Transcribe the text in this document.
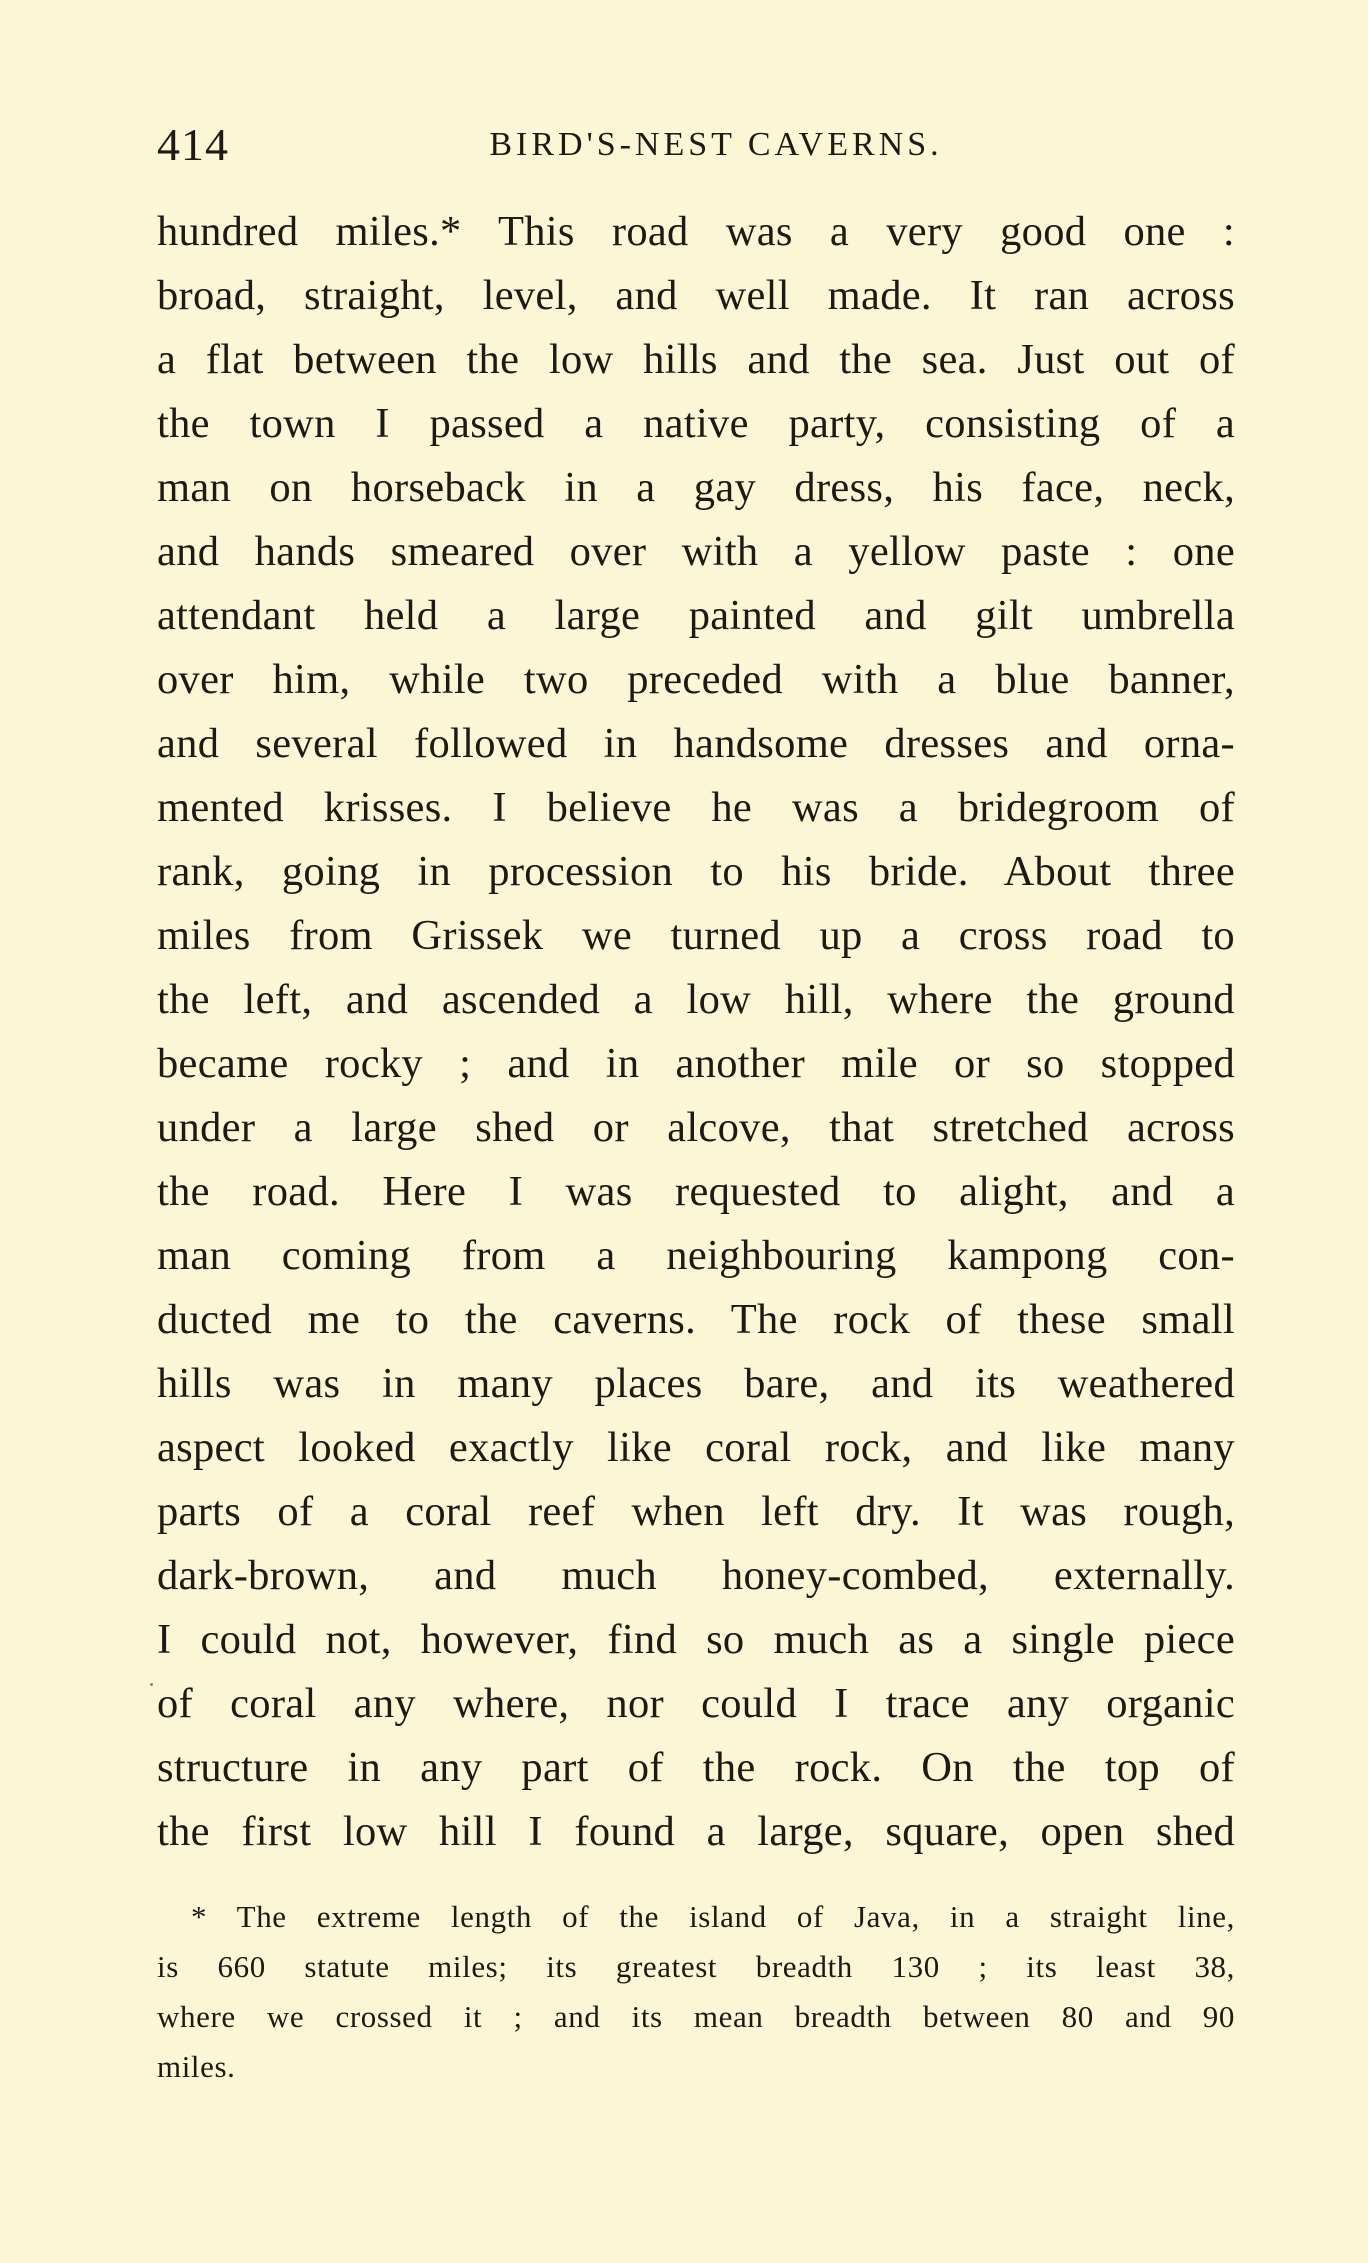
414	BIRD'S-NEST CAVERNS.
hundred miles.* This road was a very good one :
broad, straight, level, and well made. It ran across
a flat between the low hills and the sea. Just out of
the town I passed a native party, consisting of a
man on horseback in a gay dress, his face, neck,
and hands smeared over with a yellow paste : one
attendant held a large painted and gilt umbrella
over him, while two preceded with a blue banner,
and several followed in handsome dresses and orna-
mented krisses. I believe he was a bridegroom of
rank, going in procession to his bride. About three
miles from Grissek we turned up a cross road to
the left, and ascended a low hill, where the ground
became rocky ; and in another mile or so stopped
under a large shed or alcove, that stretched across
the road. Here I was requested to alight, and a
man coming from a neighbouring kampong con-
ducted me to the caverns. The rock of these small
hills was in many places bare, and its weathered
aspect looked exactly like coral rock, and like many
parts of a coral reef when left dry. It was rough,
dark-brown, and much honey-combed, externally.
I could not, however, find so much as a single piece
of coral any where, nor could I trace any organic
structure in any part of the rock. On the top of
the first low hill I found a large, square, open shed
* The extreme length of the island of Java, in a straight line,
is 660 statute miles; its greatest breadth 130 ; its least 38,
where we crossed it ; and its mean breadth between 80 and 90
miles.
